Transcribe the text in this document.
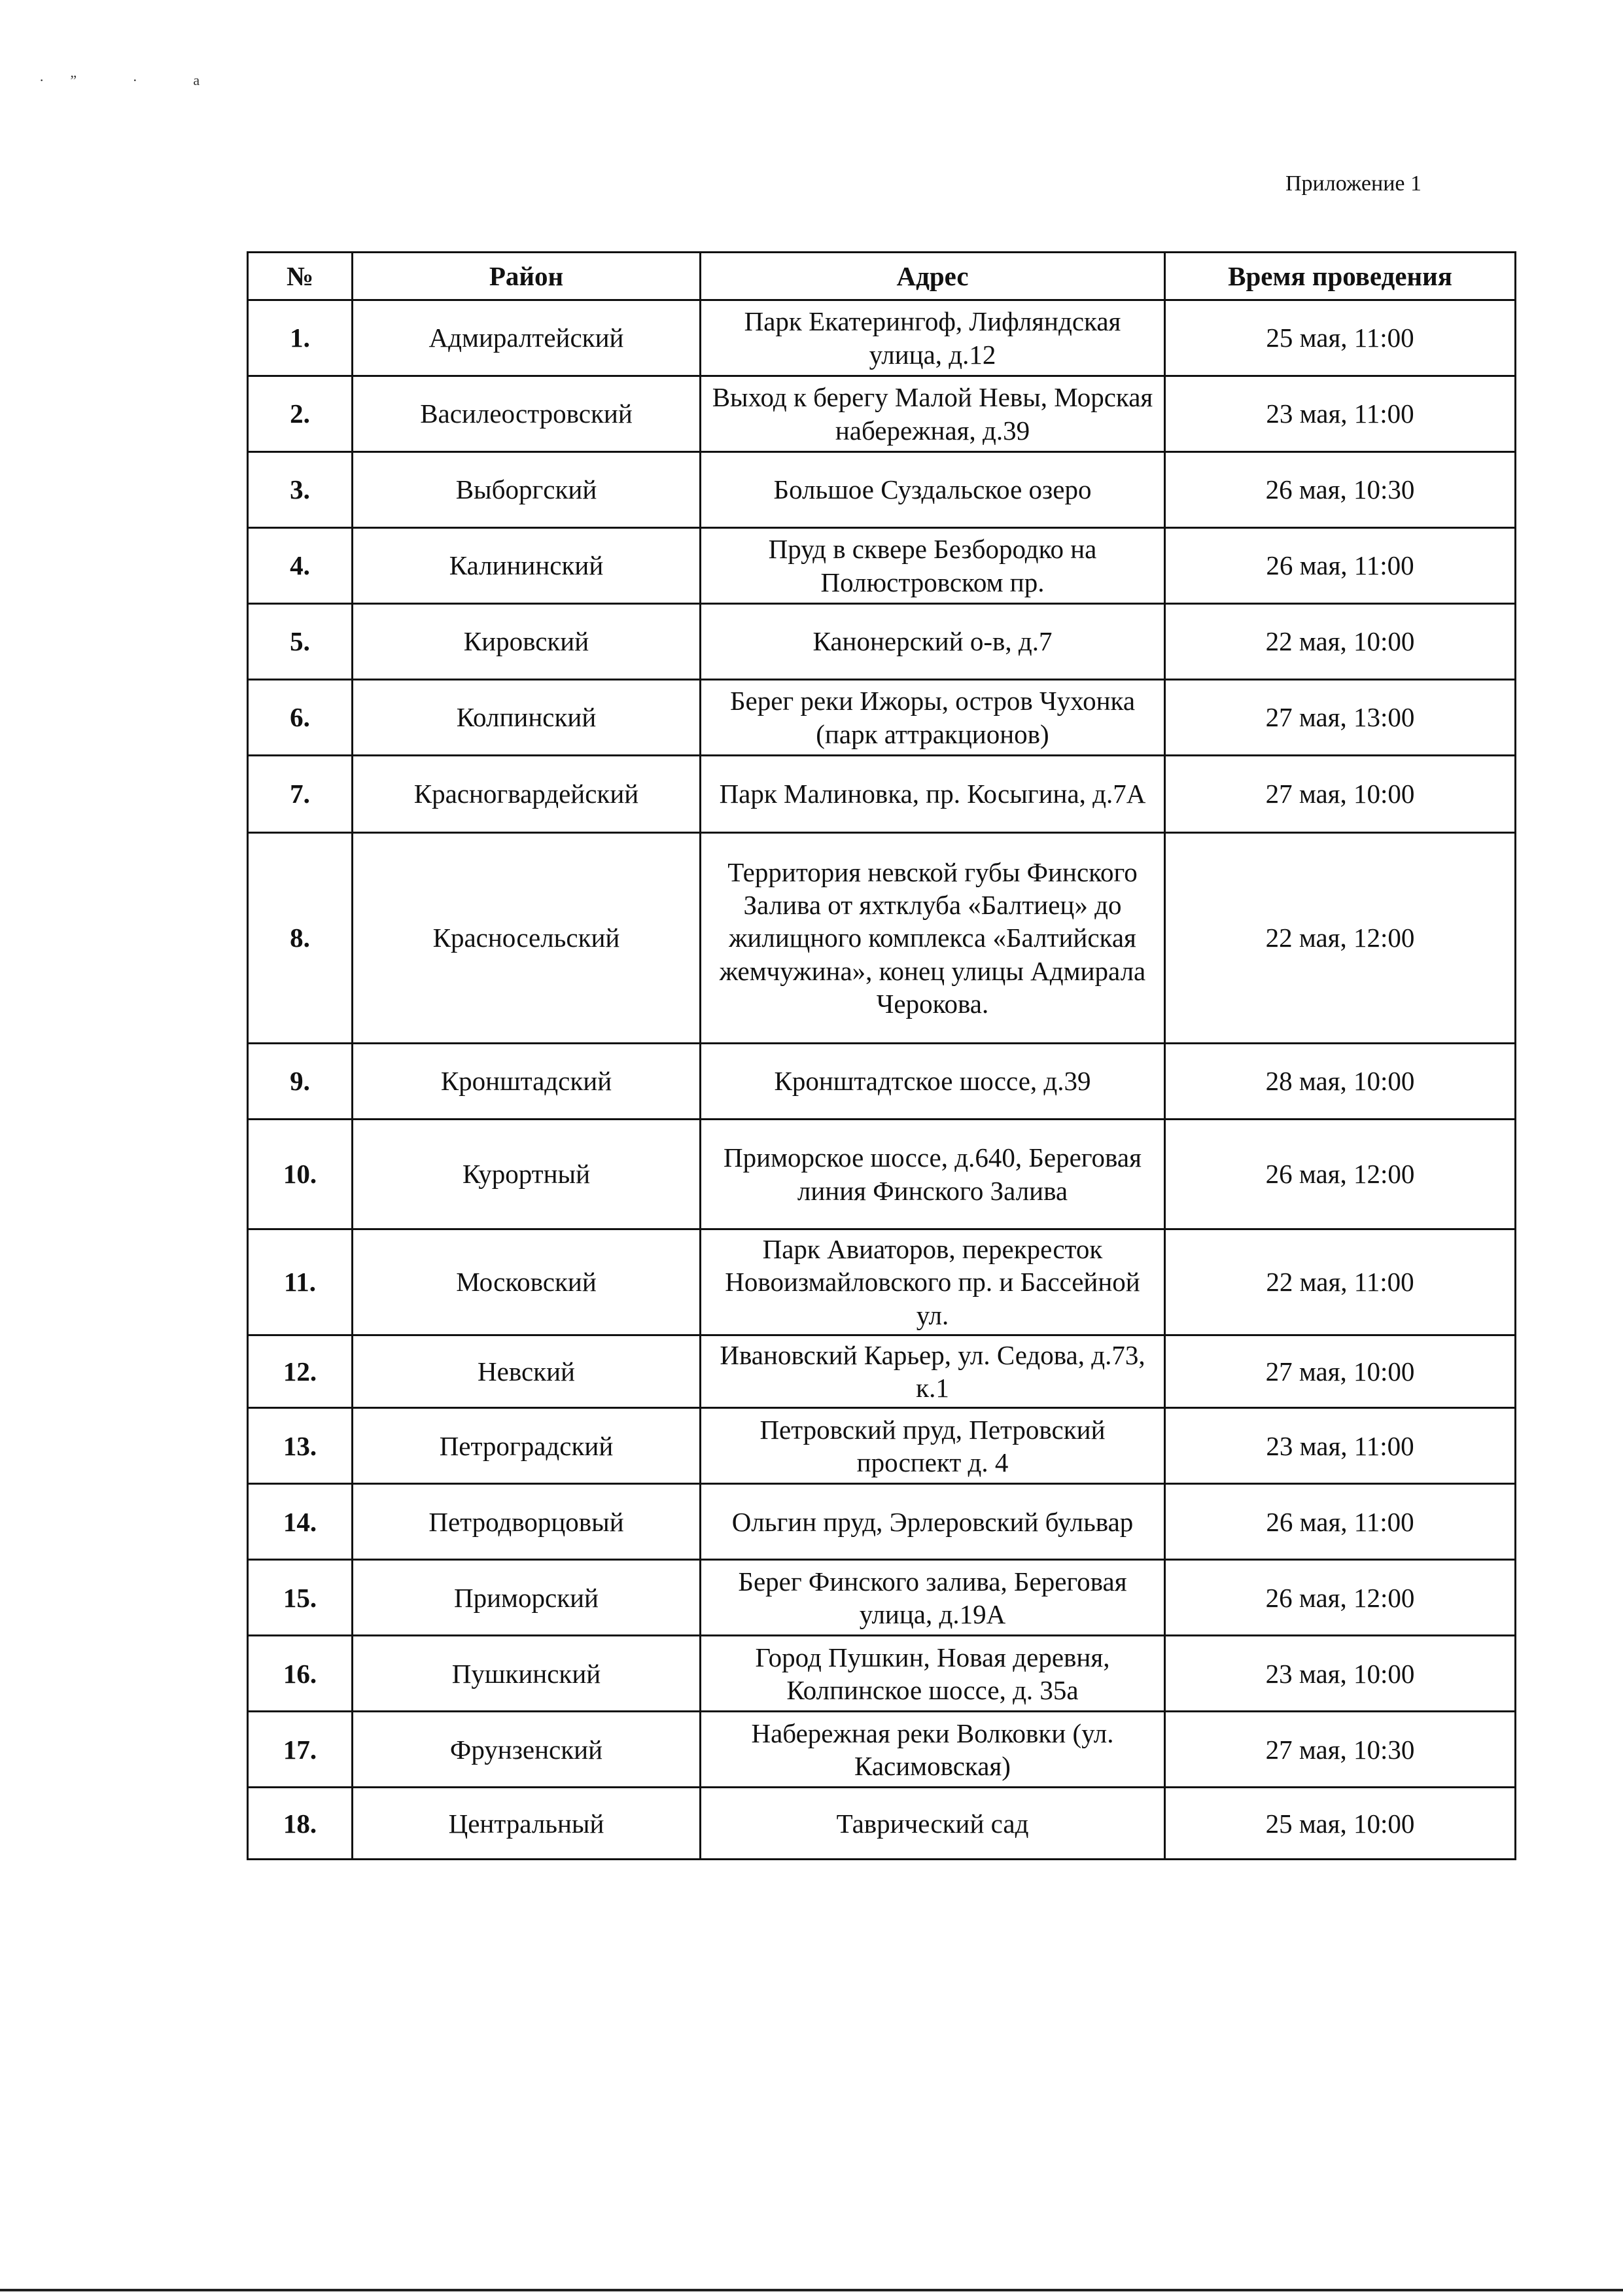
·” · a
Приложение 1
№	Район	Адрес	Время проведения
1.	Адмиралтейский	Парк Екатерингоф, Лифляндская улица, д.12	25 мая, 11:00
2.	Василеостровский	Выход к берегу Малой Невы, Морская набережная, д.39	23 мая, 11:00
3.	Выборгский	Большое Суздальское озеро	26 мая, 10:30
4.	Калининский	Пруд в сквере Безбородко на Полюстровском пр.	26 мая, 11:00
5.	Кировский	Канонерский о-в, д.7	22 мая, 10:00
6.	Колпинский	Берег реки Ижоры, остров Чухонка (парк аттракционов)	27 мая, 13:00
7.	Красногвардейский	Парк Малиновка, пр. Косыгина, д.7А	27 мая, 10:00
8.	Красносельский	Территория невской губы Финского Залива от яхтклуба «Балтиец» до жилищного комплекса «Балтийская жемчужина», конец улицы Адмирала Черокова.	22 мая, 12:00
9.	Кронштадский	Кронштадтское шоссе, д.39	28 мая, 10:00
10.	Курортный	Приморское шоссе, д.640, Береговая линия Финского Залива	26 мая, 12:00
11.	Московский	Парк Авиаторов, перекресток Новоизмайловского пр. и Бассейной ул.	22 мая, 11:00
12.	Невский	Ивановский Карьер, ул. Седова, д.73, к.1	27 мая, 10:00
13.	Петроградский	Петровский пруд, Петровский проспект д. 4	23 мая, 11:00
14.	Петродворцовый	Ольгин пруд, Эрлеровский бульвар	26 мая, 11:00
15.	Приморский	Берег Финского залива, Береговая улица, д.19А	26 мая, 12:00
16.	Пушкинский	Город Пушкин, Новая деревня, Колпинское шоссе, д. 35а	23 мая, 10:00
17.	Фрунзенский	Набережная реки Волковки (ул. Касимовская)	27 мая, 10:30
18.	Центральный	Таврический сад	25 мая, 10:00
